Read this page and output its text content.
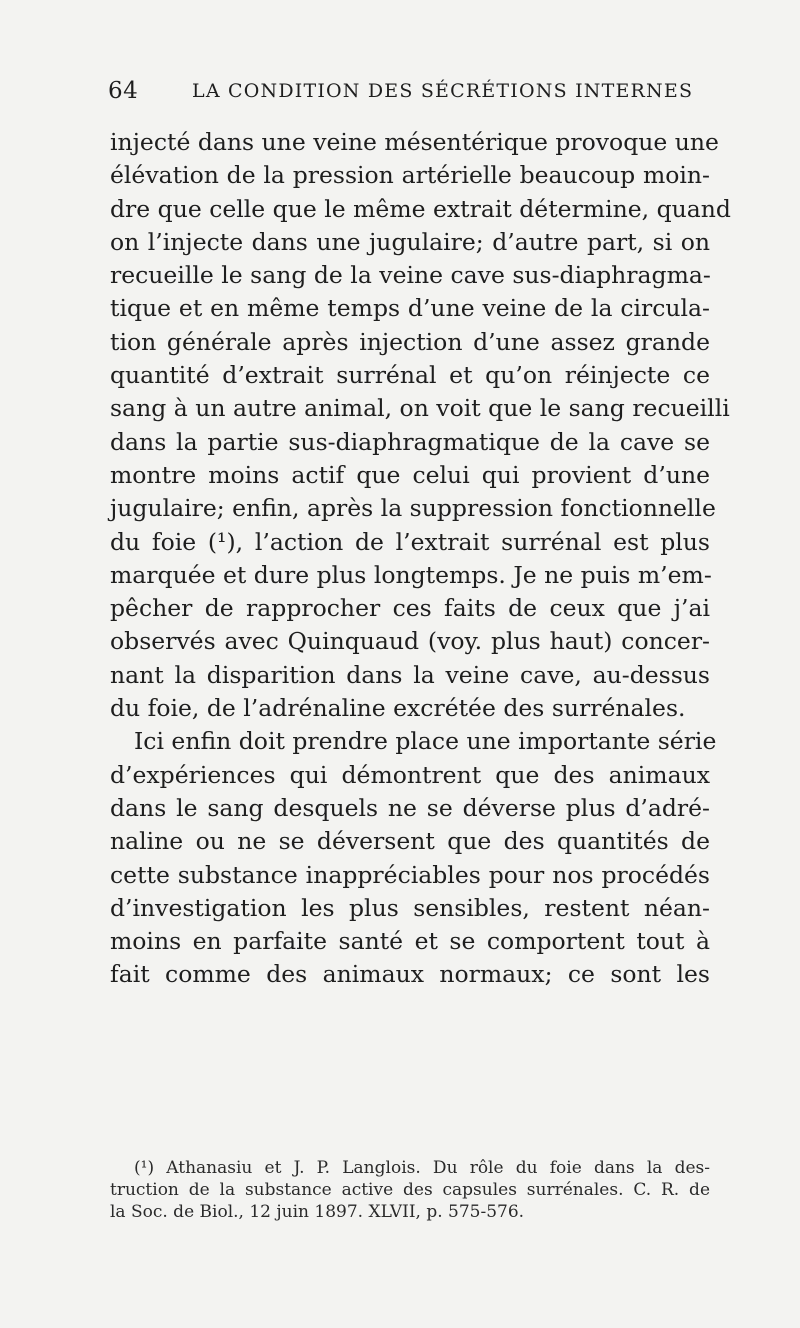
64	LA CONDITION DES SÉCRÉTIONS INTERNES
injecté dans une veine mésentérique provoque une
élévation de la pression artérielle beaucoup moin-
dre que celle que le même extrait détermine, quand
on l’injecte dans une jugulaire; d’autre part, si on
recueille le sang de la veine cave sus-diaphragma-
tique et en même temps d’une veine de la circula-
tion générale après injection d’une assez grande
quantité d’extrait surrénal et qu’on réinjecte ce
sang à un autre animal, on voit que le sang recueilli
dans la partie sus-diaphragmatique de la cave se
montre moins actif que celui qui provient d’une
jugulaire; enfin, après la suppression fonctionnelle
du foie (¹), l’action de l’extrait surrénal est plus
marquée et dure plus longtemps. Je ne puis m’em-
pêcher de rapprocher ces faits de ceux que j’ai
observés avec Quinquaud (voy. plus haut) concer-
nant la disparition dans la veine cave, au-dessus
du foie, de l’adrénaline excrétée des surrénales.
Ici enfin doit prendre place une importante série
d’expériences qui démontrent que des animaux
dans le sang desquels ne se déverse plus d’adré-
naline ou ne se déversent que des quantités de
cette substance inappréciables pour nos procédés
d’investigation les plus sensibles, restent néan-
moins en parfaite santé et se comportent tout à
fait comme des animaux normaux; ce sont les
(¹) Athanasiu et J. P. Langlois. Du rôle du foie dans la des-
truction de la substance active des capsules surrénales. C. R. de
la Soc. de Biol., 12 juin 1897. XLVII, p. 575-576.
